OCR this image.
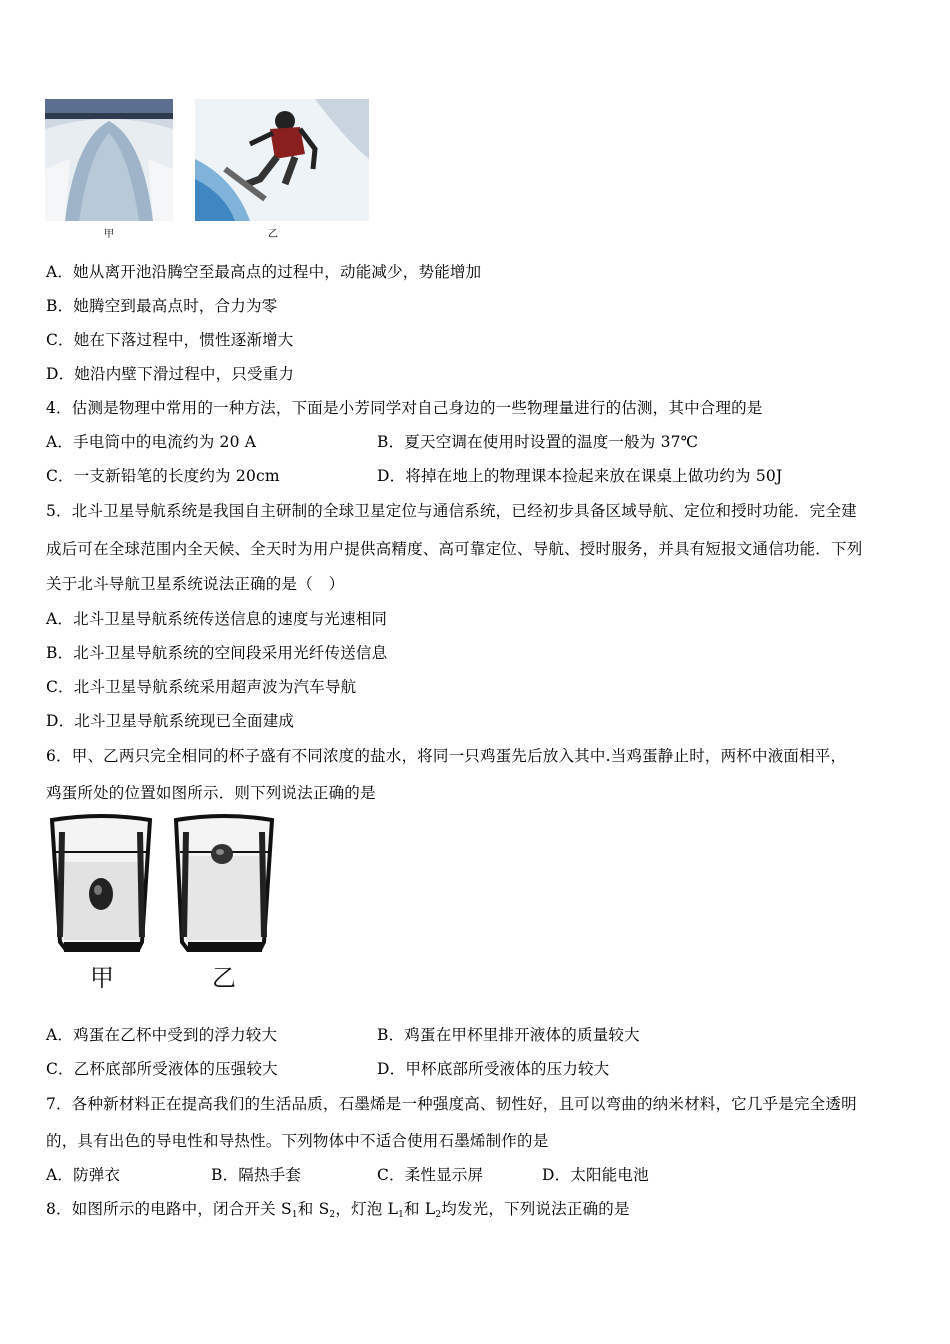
甲	乙
A．她从离开池沿腾空至最高点的过程中，动能减少，势能增加
B．她腾空到最高点时，合力为零
C．她在下落过程中，惯性逐渐增大
D．她沿内壁下滑过程中，只受重力
4．估测是物理中常用的一种方法，下面是小芳同学对自己身边的一些物理量进行的估测，其中合理的是
A．手电筒中的电流约为 20 A	B．夏天空调在使用时设置的温度一般为 37℃
C．一支新铅笔的长度约为 20cm	D．将掉在地上的物理课本捡起来放在课桌上做功约为 50J
5．北斗卫星导航系统是我国自主研制的全球卫星定位与通信系统，已经初步具备区域导航、定位和授时功能．完全建
成后可在全球范围内全天候、全天时为用户提供高精度、高可靠定位、导航、授时服务，并具有短报文通信功能．下列
关于北斗导航卫星系统说法正确的是（　）
A．北斗卫星导航系统传送信息的速度与光速相同
B．北斗卫星导航系统的空间段采用光纤传送信息
C．北斗卫星导航系统采用超声波为汽车导航
D．北斗卫星导航系统现已全面建成
6．甲、乙两只完全相同的杯子盛有不同浓度的盐水，将同一只鸡蛋先后放入其中.当鸡蛋静止时，两杯中液面相平，
鸡蛋所处的位置如图所示．则下列说法正确的是
甲	乙
A．鸡蛋在乙杯中受到的浮力较大	B．鸡蛋在甲杯里排开液体的质量较大
C．乙杯底部所受液体的压强较大	D．甲杯底部所受液体的压力较大
7．各种新材料正在提高我们的生活品质，石墨烯是一种强度高、韧性好，且可以弯曲的纳米材料，它几乎是完全透明
的，具有出色的导电性和导热性。下列物体中不适合使用石墨烯制作的是
A．防弹衣	B．隔热手套	C．柔性显示屏	D．太阳能电池
8．如图所示的电路中，闭合开关 $S_1$和 $S_2$，灯泡 $L_1$和 $L_2$均发光，下列说法正确的是
